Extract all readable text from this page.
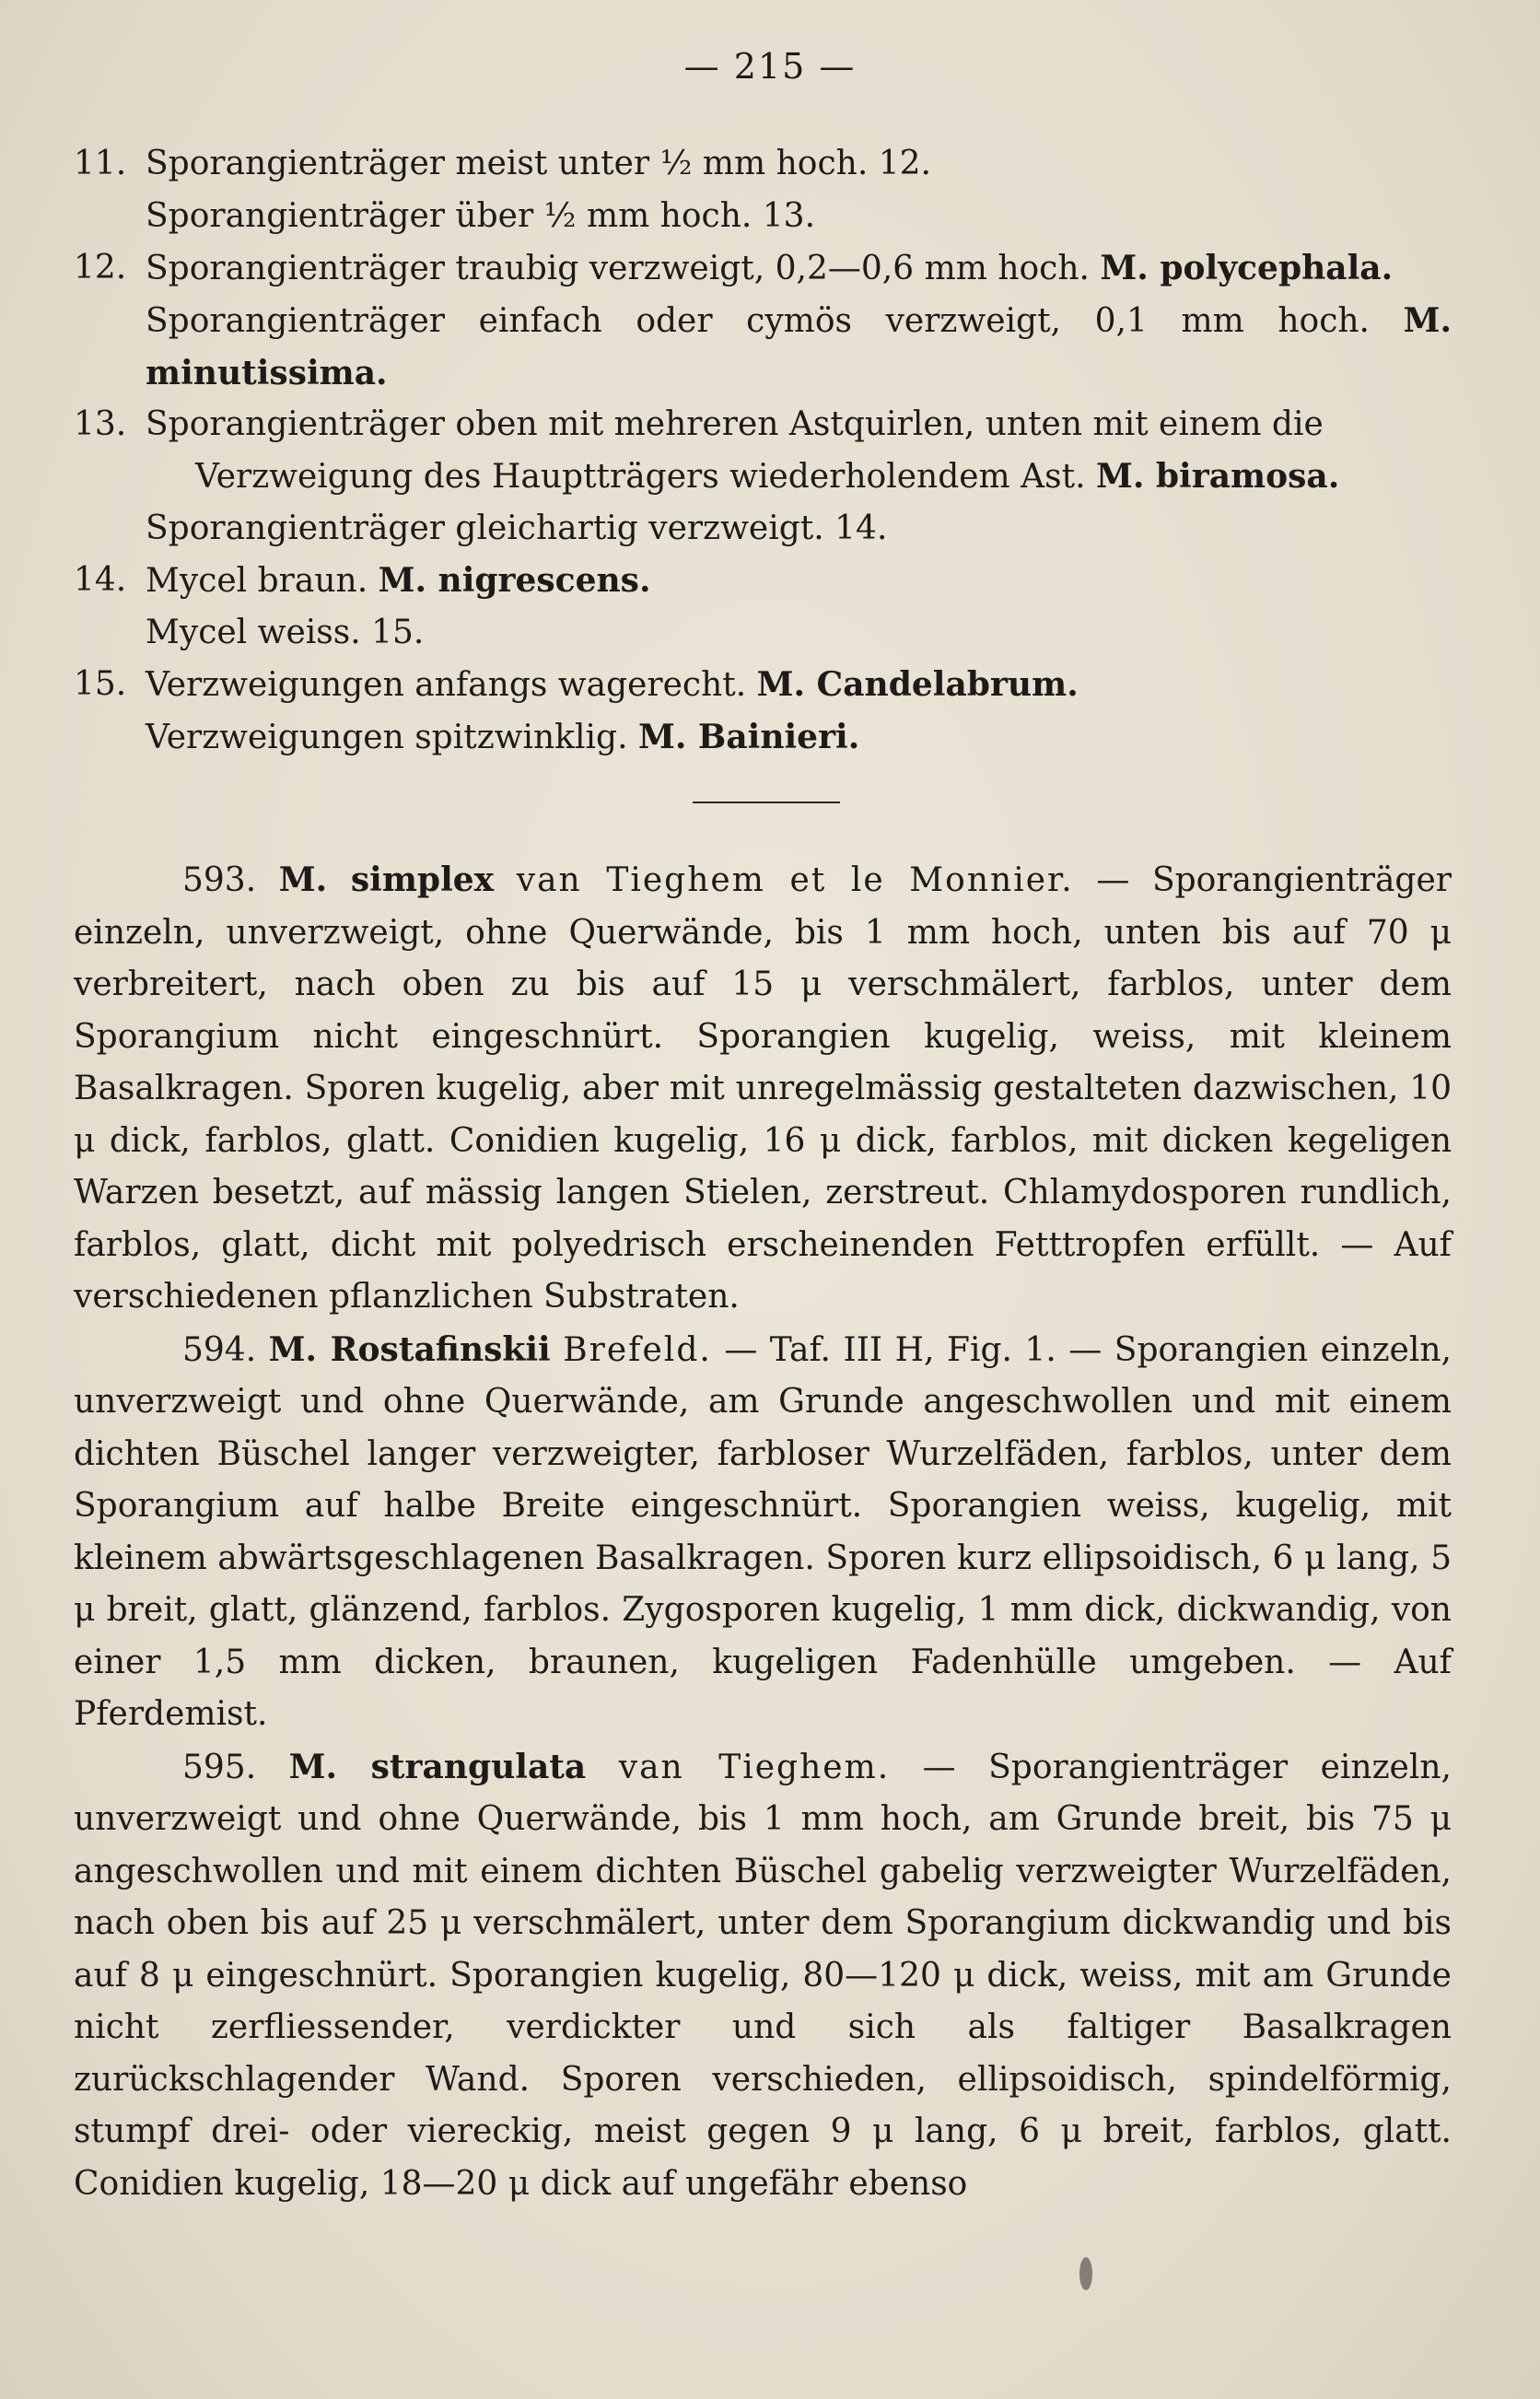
— 215 —
11. Sporangienträger meist unter ½ mm hoch. 12.
Sporangienträger über ½ mm hoch. 13.
12. Sporangienträger traubig verzweigt, 0,2—0,6 mm hoch. M. polycephala.
Sporangienträger einfach oder cymös verzweigt, 0,1 mm hoch. M. minutissima.
13. Sporangienträger oben mit mehreren Astquirlen, unten mit einem die
Verzweigung des Hauptträgers wiederholendem Ast. M. biramosa.
Sporangienträger gleichartig verzweigt. 14.
14. Mycel braun. M. nigrescens.
Mycel weiss. 15.
15. Verzweigungen anfangs wagerecht. M. Candelabrum.
Verzweigungen spitzwinklig. M. Bainieri.

593. M. simplex van Tieghem et le Monnier. — Sporangienträger einzeln, unverzweigt, ohne Querwände, bis 1 mm hoch, unten bis auf 70 μ verbreitert, nach oben zu bis auf 15 μ verschmälert, farblos, unter dem Sporangium nicht eingeschnürt. Sporangien kugelig, weiss, mit kleinem Basalkragen. Sporen kugelig, aber mit unregelmässig gestalteten dazwischen, 10 μ dick, farblos, glatt. Conidien kugelig, 16 μ dick, farblos, mit dicken kegeligen Warzen besetzt, auf mässig langen Stielen, zerstreut. Chlamydosporen rundlich, farblos, glatt, dicht mit polyedrisch erscheinenden Fetttropfen erfüllt. — Auf verschiedenen pflanzlichen Substraten.

594. M. Rostafinskii Brefeld. — Taf. III H, Fig. 1. — Sporangien einzeln, unverzweigt und ohne Querwände, am Grunde angeschwollen und mit einem dichten Büschel langer verzweigter, farbloser Wurzelfäden, farblos, unter dem Sporangium auf halbe Breite eingeschnürt. Sporangien weiss, kugelig, mit kleinem abwärtsgeschlagenen Basalkragen. Sporen kurz ellipsoidisch, 6 μ lang, 5 μ breit, glatt, glänzend, farblos. Zygosporen kugelig, 1 mm dick, dickwandig, von einer 1,5 mm dicken, braunen, kugeligen Fadenhülle umgeben. — Auf Pferdemist.

595. M. strangulata van Tieghem. — Sporangienträger einzeln, unverzweigt und ohne Querwände, bis 1 mm hoch, am Grunde breit, bis 75 μ angeschwollen und mit einem dichten Büschel gabelig verzweigter Wurzelfäden, nach oben bis auf 25 μ verschmälert, unter dem Sporangium dickwandig und bis auf 8 μ eingeschnürt. Sporangien kugelig, 80—120 μ dick, weiss, mit am Grunde nicht zerfliessender, verdickter und sich als faltiger Basalkragen zurückschlagender Wand. Sporen verschieden, ellipsoidisch, spindelförmig, stumpf drei- oder viereckig, meist gegen 9 μ lang, 6 μ breit, farblos, glatt. Conidien kugelig, 18—20 μ dick auf ungefähr ebenso
